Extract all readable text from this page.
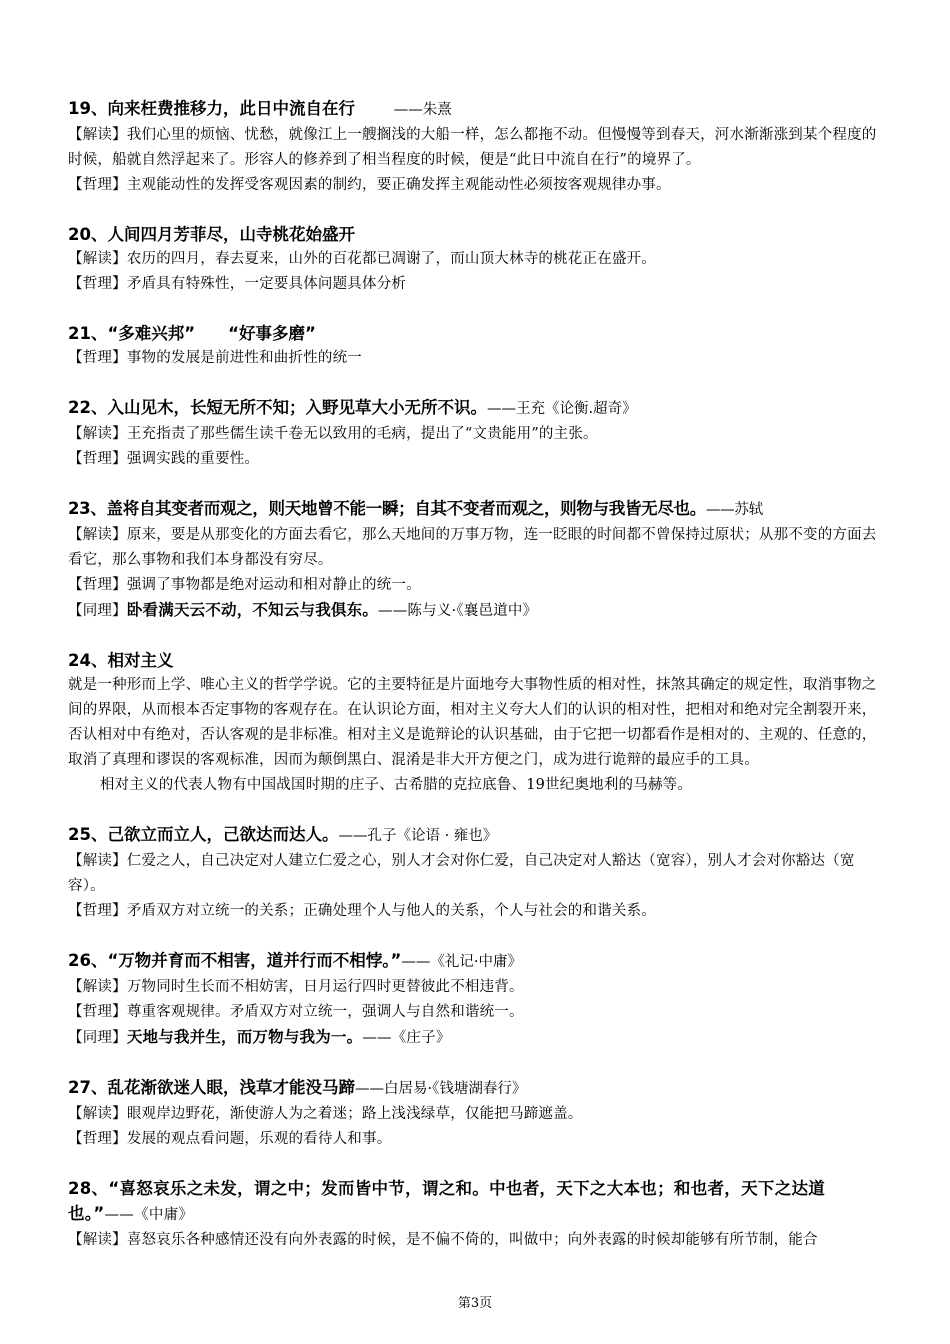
19、向来枉费推移力，此日中流自在行　 　	——朱熹
【解读】我们心里的烦恼、忧愁，就像江上一艘搁浅的大船一样，怎么都拖不动。但慢慢等到春天，河水渐渐涨到某个程度的时候，船就自然浮起来了。形容人的修养到了相当程度的时候，便是“此日中流自在行”的境界了。
【哲理】主观能动性的发挥受客观因素的制约，要正确发挥主观能动性必须按客观规律办事。
20、人间四月芳菲尽，山寺桃花始盛开
【解读】农历的四月，春去夏来，山外的百花都已凋谢了，而山顶大林寺的桃花正在盛开。
【哲理】矛盾具有特殊性，一定要具体问题具体分析
21、“多难兴邦”　　“好事多磨”
【哲理】事物的发展是前进性和曲折性的统一
22、入山见木，长短无所不知；入野见草大小无所不识。——王充《论衡.超奇》
【解读】王充指责了那些儒生读千卷无以致用的毛病，提出了“文贵能用”的主张。
【哲理】强调实践的重要性。
23、盖将自其变者而观之，则天地曾不能一瞬；自其不变者而观之，则物与我皆无尽也。——苏轼
【解读】原来，要是从那变化的方面去看它，那么天地间的万事万物，连一眨眼的时间都不曾保持过原状；从那不变的方面去看它，那么事物和我们本身都没有穷尽。
【哲理】强调了事物都是绝对运动和相对静止的统一。
【同理】卧看满天云不动，不知云与我俱东。——陈与义·《襄邑道中》
24、相对主义
就是一种形而上学、唯心主义的哲学学说。它的主要特征是片面地夸大事物性质的相对性，抹煞其确定的规定性，取消事物之间的界限，从而根本否定事物的客观存在。在认识论方面，相对主义夸大人们的认识的相对性，把相对和绝对完全割裂开来，否认相对中有绝对，否认客观的是非标准。相对主义是诡辩论的认识基础，由于它把一切都看作是相对的、主观的、任意的，取消了真理和谬误的客观标准，因而为颠倒黑白、混淆是非大开方便之门，成为进行诡辩的最应手的工具。
相对主义的代表人物有中国战国时期的庄子、古希腊的克拉底鲁、19世纪奥地利的马赫等。
25、己欲立而立人，己欲达而达人。——孔子《论语 · 雍也》
【解读】仁爱之人，自己决定对人建立仁爱之心，别人才会对你仁爱，自己决定对人豁达（宽容），别人才会对你豁达（宽容）。
【哲理】矛盾双方对立统一的关系；正确处理个人与他人的关系，个人与社会的和谐关系。
26、“万物并育而不相害，道并行而不相悖。”——《礼记·中庸》
【解读】万物同时生长而不相妨害，日月运行四时更替彼此不相违背。
【哲理】尊重客观规律。矛盾双方对立统一，强调人与自然和谐统一。
【同理】天地与我并生，而万物与我为一。——《庄子》
27、乱花渐欲迷人眼，浅草才能没马蹄——白居易·《钱塘湖春行》
【解读】眼观岸边野花，渐使游人为之着迷；路上浅浅绿草，仅能把马蹄遮盖。
【哲理】发展的观点看问题，乐观的看待人和事。
28、“喜怒哀乐之未发，谓之中；发而皆中节，谓之和。中也者，天下之大本也；和也者，天下之达道也。”——《中庸》
【解读】喜怒哀乐各种感情还没有向外表露的时候，是不偏不倚的，叫做中；向外表露的时候却能够有所节制，能合
第3页
